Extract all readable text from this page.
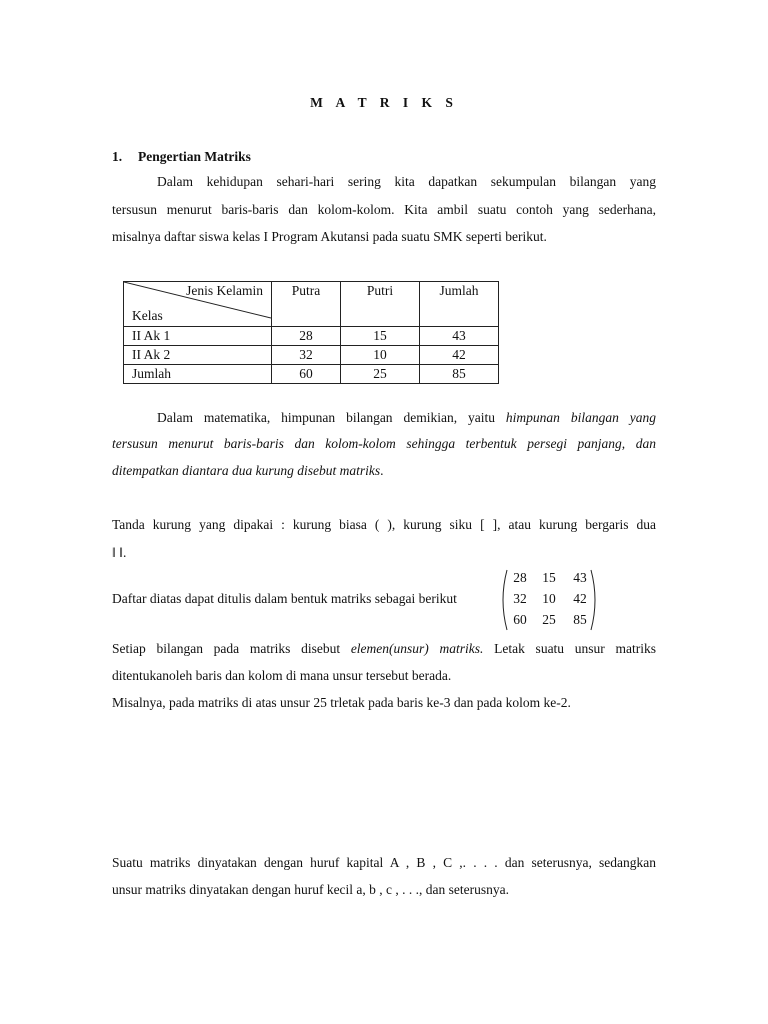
M A T R I K S
1. Pengertian Matriks
Dalam kehidupan sehari-hari sering kita dapatkan sekumpulan bilangan yang
tersusun menurut baris-baris dan kolom-kolom. Kita ambil suatu contoh yang sederhana,
misalnya daftar siswa kelas I Program Akutansi pada suatu SMK seperti berikut.
Jenis Kelamin
Kelas	Putra	Putri	Jumlah
II Ak 1	28	15	43
II Ak 2	32	10	42
Jumlah	60	25	85
Dalam matematika, himpunan bilangan demikian, yaitu himpunan bilangan yang
tersusun menurut baris-baris dan kolom-kolom sehingga terbentuk persegi panjang, dan
ditempatkan diantara dua kurung disebut matriks.
Tanda kurung yang dipakai : kurung biasa ( ), kurung siku [ ], atau kurung bergaris dua
‖ ‖.
Daftar diatas dapat ditulis dalam bentuk matriks sebagai berikut
28	15	43
32	10	42
60	25	85
Setiap bilangan pada matriks disebut elemen(unsur) matriks. Letak suatu unsur matriks
ditentukanoleh baris dan kolom di mana unsur tersebut berada.
Misalnya, pada matriks di atas unsur 25 trletak pada baris ke-3 dan pada kolom ke-2.
Suatu matriks dinyatakan dengan huruf kapital A , B , C ,. . . . dan seterusnya, sedangkan
unsur matriks dinyatakan dengan huruf kecil a, b , c , . . ., dan seterusnya.
